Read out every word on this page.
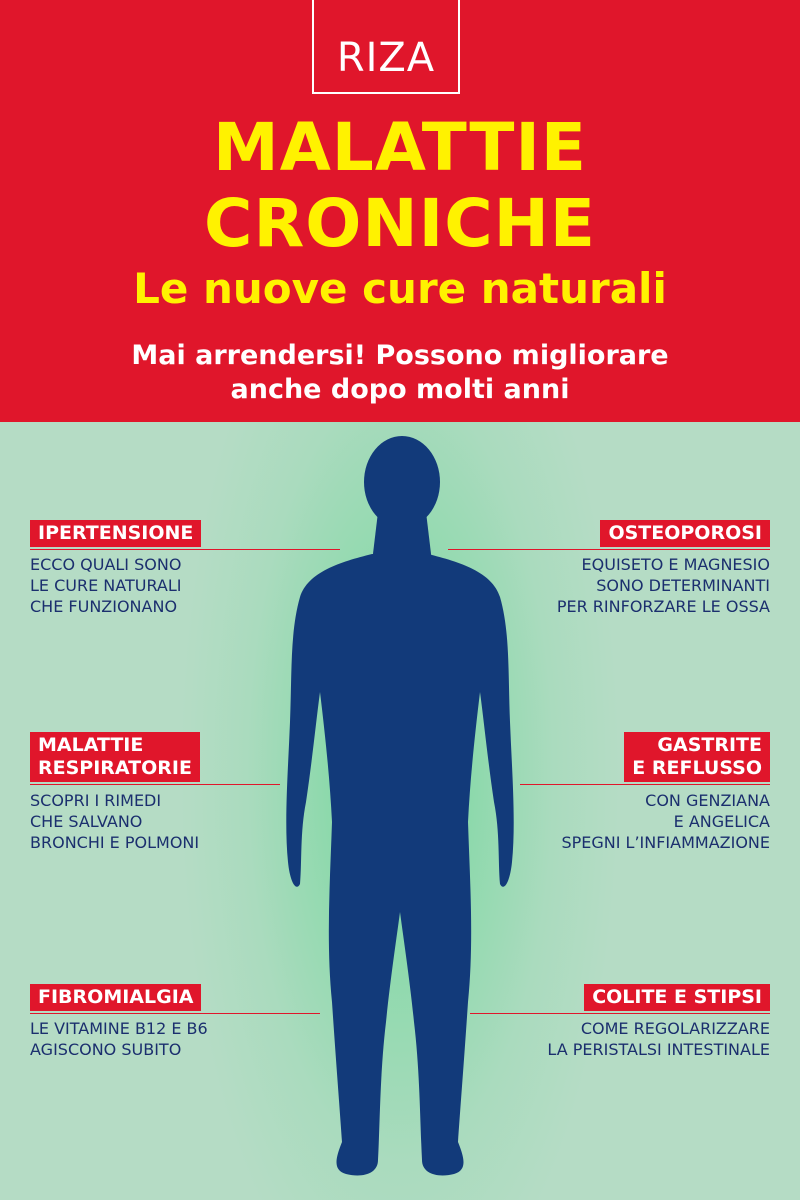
RIZA
MALATTIE
CRONICHE
Le nuove cure naturali
Mai arrendersi! Possono migliorare
anche dopo molti anni
IPERTENSIONE
ECCO QUALI SONO
LE CURE NATURALI
CHE FUNZIONANO
OSTEOPOROSI
EQUISETO E MAGNESIO
SONO DETERMINANTI
PER RINFORZARE LE OSSA
MALATTIE
RESPIRATORIE
SCOPRI I RIMEDI
CHE SALVANO
BRONCHI E POLMONI
GASTRITE
E REFLUSSO
CON GENZIANA
E ANGELICA
SPEGNI L’INFIAMMAZIONE
FIBROMIALGIA
LE VITAMINE B12 E B6
AGISCONO SUBITO
COLITE E STIPSI
COME REGOLARIZZARE
LA PERISTALSI INTESTINALE
